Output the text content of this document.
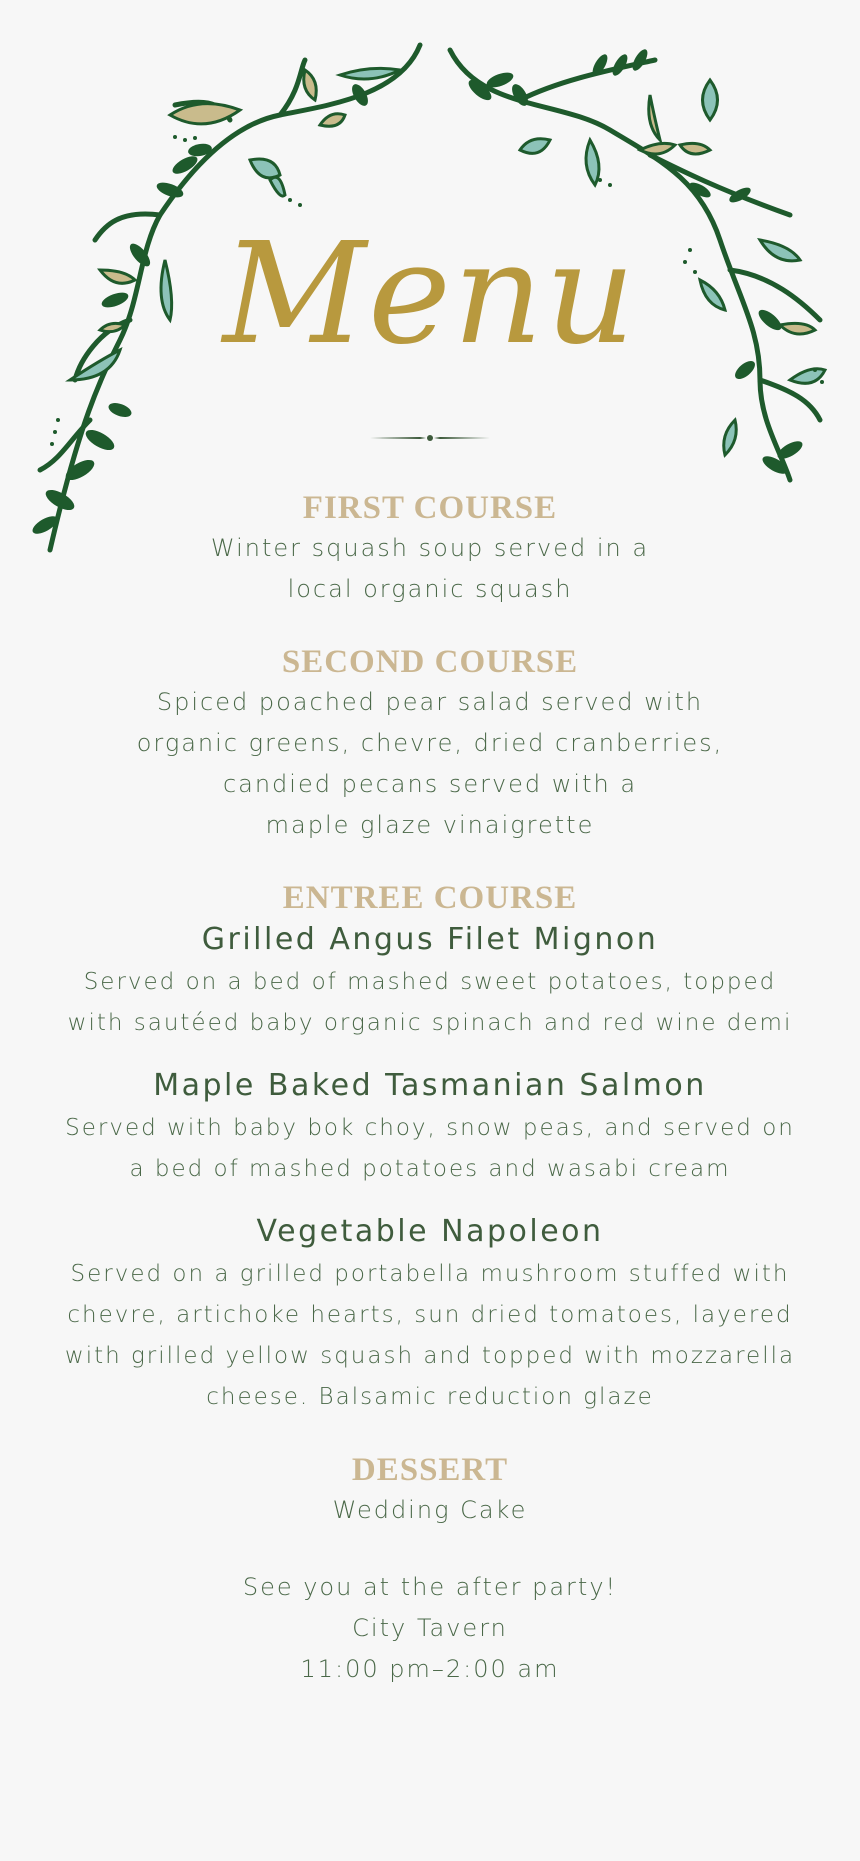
Menu
FIRST COURSE

Winter squash soup served in a

local organic squash

SECOND COURSE

Spiced poached pear salad served with

organic greens, chevre, dried cranberries,

candied pecans served with a

maple glaze vinaigrette

ENTREE COURSE

Grilled Angus Filet Mignon

Served on a bed of mashed sweet potatoes, topped

with sautéed baby organic spinach and red wine demi

Maple Baked Tasmanian Salmon

Served with baby bok choy, snow peas, and served on

a bed of mashed potatoes and wasabi cream

Vegetable Napoleon

Served on a grilled portabella mushroom stuffed with

chevre, artichoke hearts, sun dried tomatoes, layered

with grilled yellow squash and topped with mozzarella

cheese. Balsamic reduction glaze

DESSERT

Wedding Cake

See you at the after party!

City Tavern

11:00 pm–2:00 am
